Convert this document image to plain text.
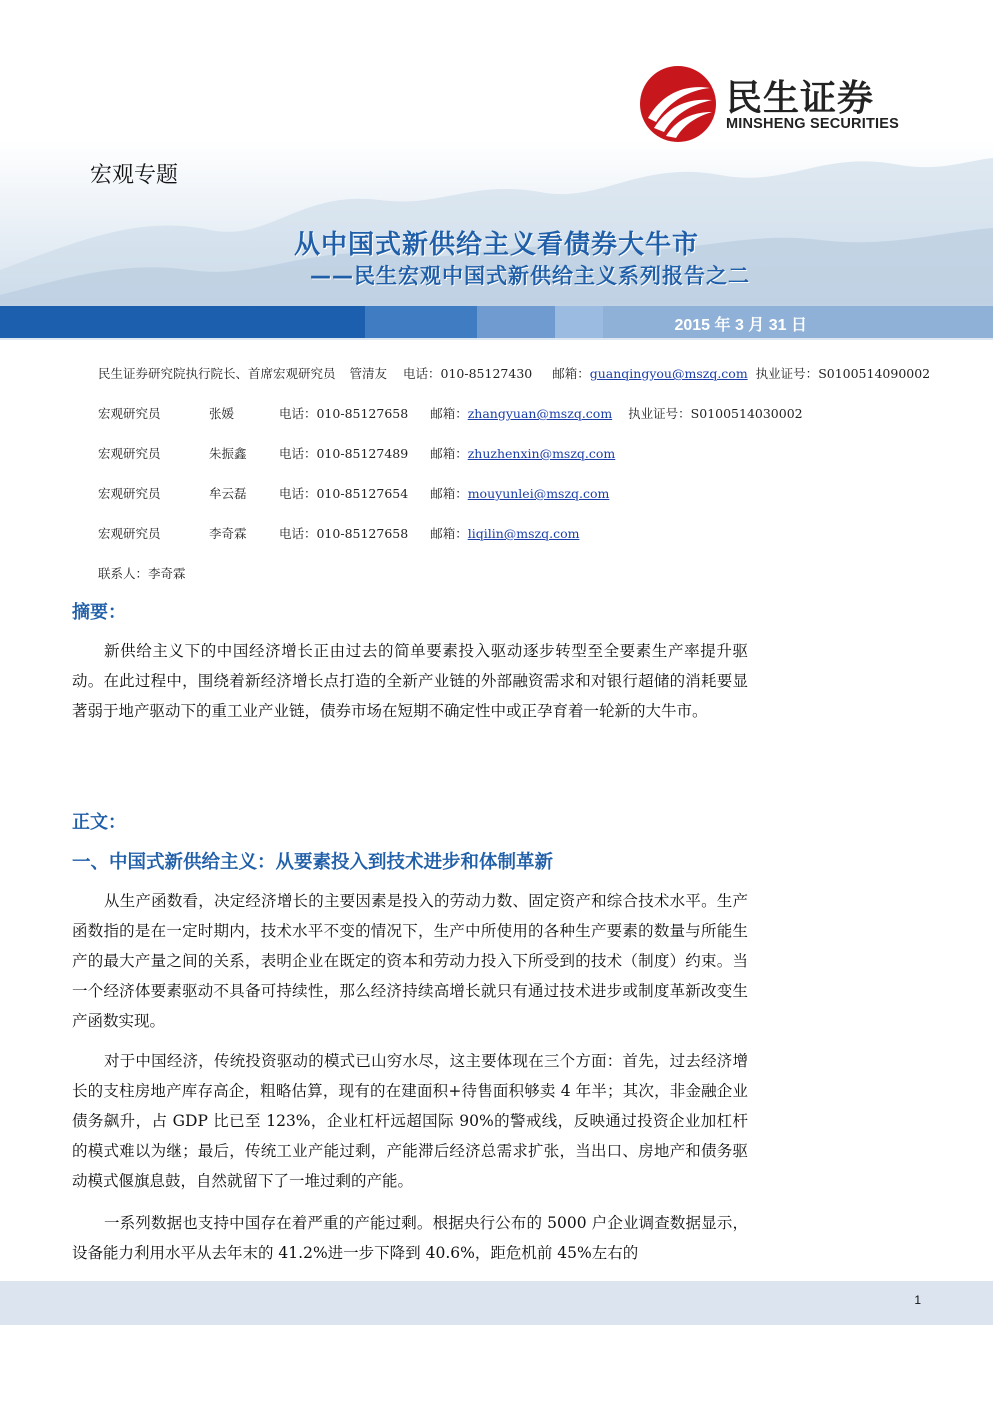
民生证券
MINSHENG SECURITIES
宏观专题
从中国式新供给主义看债券大牛市
——民生宏观中国式新供给主义系列报告之二
2015 年 3 月 31 日
民生证券研究院执行院长、首席宏观研究员 管清友 电话：010-85127430 邮箱：guanqingyou@mszq.com 执业证号：S0100514090002
宏观研究员	张媛	电话：010-85127658 邮箱：zhangyuan@mszq.com 执业证号：S0100514030002
宏观研究员	朱振鑫	电话：010-85127489 邮箱：zhuzhenxin@mszq.com
宏观研究员	牟云磊	电话：010-85127654 邮箱：mouyunlei@mszq.com
宏观研究员	李奇霖	电话：010-85127658 邮箱：liqilin@mszq.com
联系人：李奇霖
摘要：
新供给主义下的中国经济增长正由过去的简单要素投入驱动逐步转型至全要素生产率提升驱动。在此过程中，围绕着新经济增长点打造的全新产业链的外部融资需求和对银行超储的消耗要显著弱于地产驱动下的重工业产业链，债券市场在短期不确定性中或正孕育着一轮新的大牛市。
正文：
一、中国式新供给主义：从要素投入到技术进步和体制革新
从生产函数看，决定经济增长的主要因素是投入的劳动力数、固定资产和综合技术水平。生产函数指的是在一定时期内，技术水平不变的情况下，生产中所使用的各种生产要素的数量与所能生产的最大产量之间的关系，表明企业在既定的资本和劳动力投入下所受到的技术（制度）约束。当一个经济体要素驱动不具备可持续性，那么经济持续高增长就只有通过技术进步或制度革新改变生产函数实现。
对于中国经济，传统投资驱动的模式已山穷水尽，这主要体现在三个方面：首先，过去经济增长的支柱房地产库存高企，粗略估算，现有的在建面积+待售面积够卖 4 年半；其次，非金融企业债务飙升，占 GDP 比已至 123%，企业杠杆远超国际 90%的警戒线，反映通过投资企业加杠杆的模式难以为继；最后，传统工业产能过剩，产能滞后经济总需求扩张，当出口、房地产和债务驱动模式偃旗息鼓，自然就留下了一堆过剩的产能。
一系列数据也支持中国存在着严重的产能过剩。根据央行公布的 5000 户企业调查数据显示，设备能力利用水平从去年末的 41.2%进一步下降到 40.6%，距危机前 45%左右的
1
